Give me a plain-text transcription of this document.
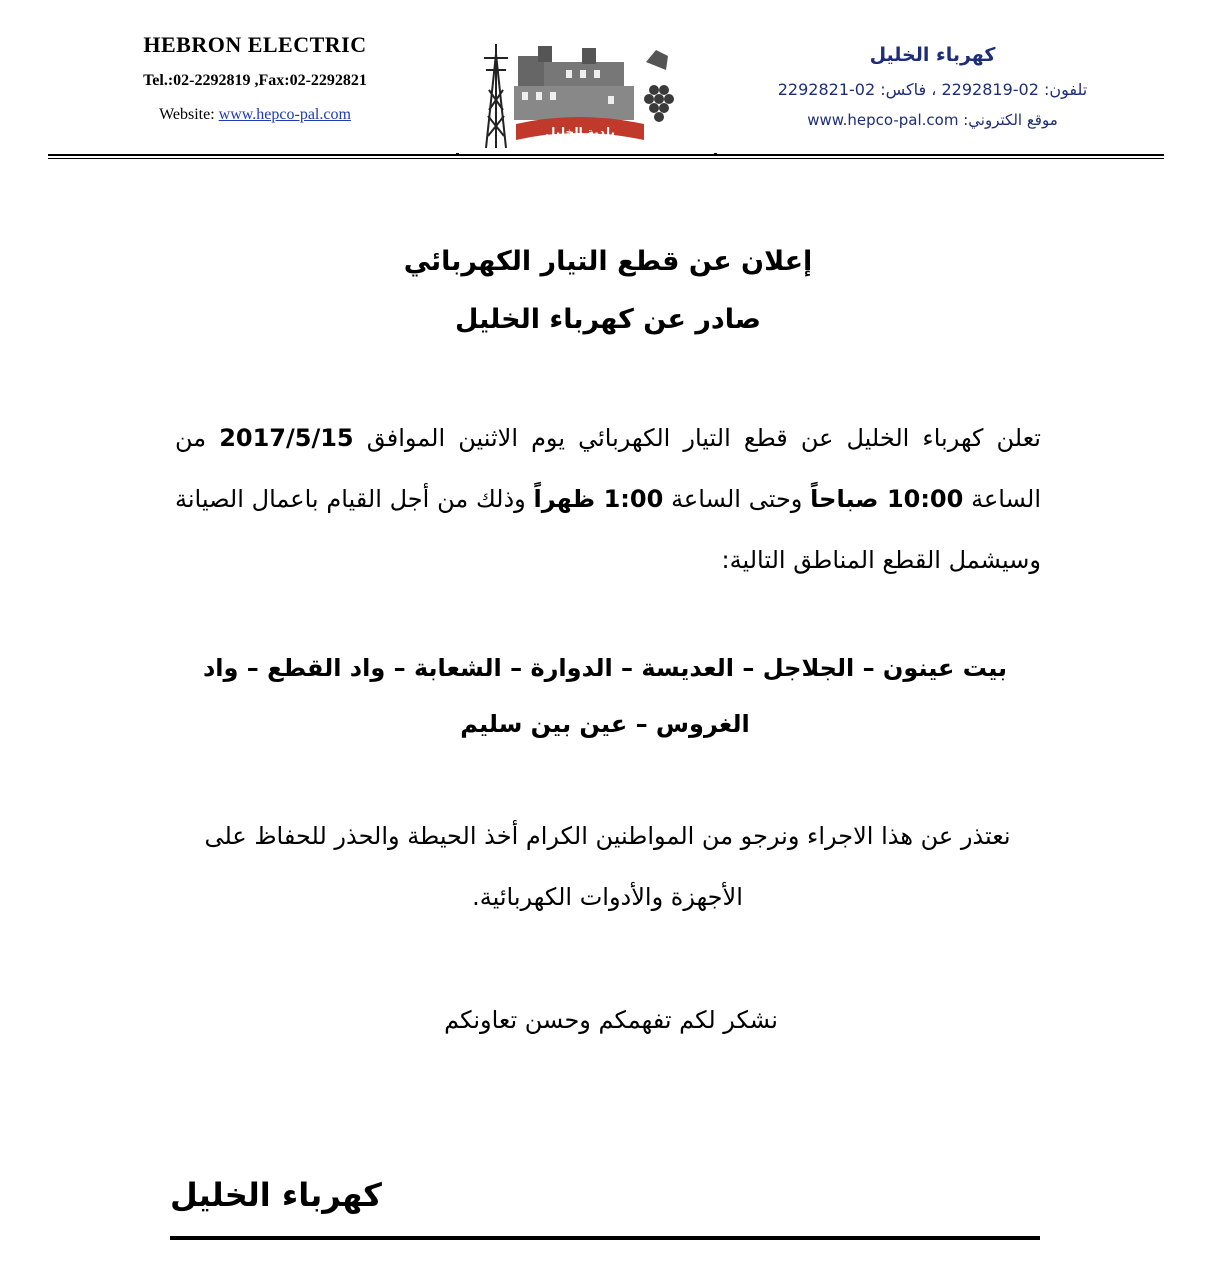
HEBRON ELECTRIC
Tel.:02-2292819 ,Fax:02-2292821
Website: www.hepco-pal.com
بلدية الخليل
كهرباء الخليل
تلفون: 02-2292819 ، فاكس: 02-2292821
موقع الكتروني: www.hepco-pal.com
إعلان عن قطع التيار الكهربائي
صادر عن كهرباء الخليل
تعلن كهرباء الخليل عن قطع التيار الكهربائي يوم الاثنين الموافق 2017/5/15 من الساعة 10:00 صباحاً وحتى الساعة 1:00 ظهراً وذلك من أجل القيام باعمال الصيانة وسيشمل القطع المناطق التالية:
بيت عينون – الجلاجل – العديسة – الدوارة – الشعابة – واد القطع – واد الغروس – عين بين سليم
نعتذر عن هذا الاجراء ونرجو من المواطنين الكرام أخذ الحيطة والحذر للحفاظ على الأجهزة والأدوات الكهربائية.
نشكر لكم تفهمكم وحسن تعاونكم
كهرباء الخليل
